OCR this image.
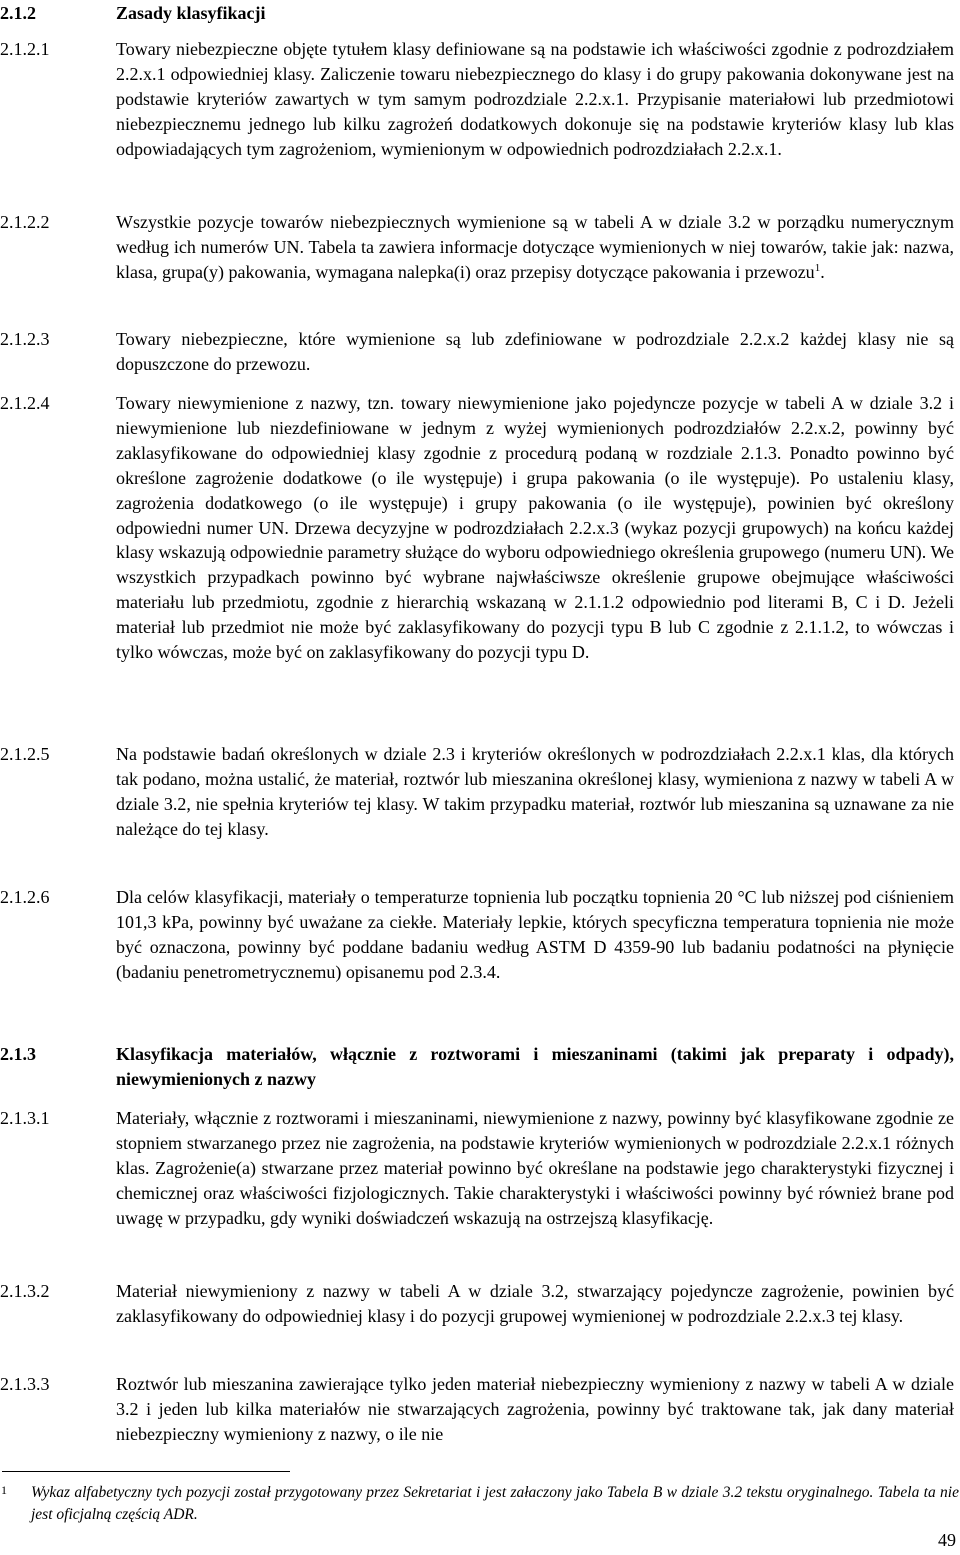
2.1.2	Zasady klasyfikacji
2.1.2.1	Towary niebezpieczne objęte tytułem klasy definiowane są na podstawie ich właściwości zgodnie z podrozdziałem 2.2.x.1 odpowiedniej klasy. Zaliczenie towaru niebezpiecznego do klasy i do grupy pakowania dokonywane jest na podstawie kryteriów zawartych w tym samym podrozdziale 2.2.x.1. Przypisanie materiałowi lub przedmiotowi niebezpiecznemu jednego lub kilku zagrożeń dodatkowych dokonuje się na podstawie kryteriów klasy lub klas odpowiadających tym zagrożeniom, wymienionym w odpowiednich podrozdziałach 2.2.x.1.
2.1.2.2	Wszystkie pozycje towarów niebezpiecznych wymienione są w tabeli A w dziale 3.2 w porządku numerycznym według ich numerów UN. Tabela ta zawiera informacje dotyczące wymienionych w niej towarów, takie jak: nazwa, klasa, grupa(y) pakowania, wymagana nalepka(i) oraz przepisy dotyczące pakowania i przewozu$^1$.
2.1.2.3	Towary niebezpieczne, które wymienione są lub zdefiniowane w podrozdziale 2.2.x.2 każdej klasy nie są dopuszczone do przewozu.
2.1.2.4	Towary niewymienione z nazwy, tzn. towary niewymienione jako pojedyncze pozycje w tabeli A w dziale 3.2 i niewymienione lub niezdefiniowane w jednym z wyżej wymienionych podrozdziałów 2.2.x.2, powinny być zaklasyfikowane do odpowiedniej klasy zgodnie z procedurą podaną w rozdziale 2.1.3. Ponadto powinno być określone zagrożenie dodatkowe (o ile występuje) i grupa pakowania (o ile występuje). Po ustaleniu klasy, zagrożenia dodatkowego (o ile występuje) i grupy pakowania (o ile występuje), powinien być określony odpowiedni numer UN. Drzewa decyzyjne w podrozdziałach 2.2.x.3 (wykaz pozycji grupowych) na końcu każdej klasy wskazują odpowiednie parametry służące do wyboru odpowiedniego określenia grupowego (numeru UN). We wszystkich przypadkach powinno być wybrane najwłaściwsze określenie grupowe obejmujące właściwości materiału lub przedmiotu, zgodnie z hierarchią wskazaną w 2.1.1.2 odpowiednio pod literami B, C i D. Jeżeli materiał lub przedmiot nie może być zaklasyfikowany do pozycji typu B lub C zgodnie z 2.1.1.2, to wówczas i tylko wówczas, może być on zaklasyfikowany do pozycji typu D.
2.1.2.5	Na podstawie badań określonych w dziale 2.3 i kryteriów określonych w podrozdziałach 2.2.x.1 klas, dla których tak podano, można ustalić, że materiał, roztwór lub mieszanina określonej klasy, wymieniona z nazwy w tabeli A w dziale 3.2, nie spełnia kryteriów tej klasy. W takim przypadku materiał, roztwór lub mieszanina są uznawane za nie należące do tej klasy.
2.1.2.6	Dla celów klasyfikacji, materiały o temperaturze topnienia lub początku topnienia 20 °C lub niższej pod ciśnieniem 101,3 kPa, powinny być uważane za ciekłe. Materiały lepkie, których specyficzna temperatura topnienia nie może być oznaczona, powinny być poddane badaniu według ASTM D 4359-90 lub badaniu podatności na płynięcie (badaniu penetrometrycznemu) opisanemu pod 2.3.4.
2.1.3	Klasyfikacja materiałów, włącznie z roztworami i mieszaninami (takimi jak preparaty i odpady), niewymienionych z nazwy
2.1.3.1	Materiały, włącznie z roztworami i mieszaninami, niewymienione z nazwy, powinny być klasyfikowane zgodnie ze stopniem stwarzanego przez nie zagrożenia, na podstawie kryteriów wymienionych w podrozdziale 2.2.x.1 różnych klas. Zagrożenie(a) stwarzane przez materiał powinno być określane na podstawie jego charakterystyki fizycznej i chemicznej oraz właściwości fizjologicznych. Takie charakterystyki i właściwości powinny być również brane pod uwagę w przypadku, gdy wyniki doświadczeń wskazują na ostrzejszą klasyfikację.
2.1.3.2	Materiał niewymieniony z nazwy w tabeli A w dziale 3.2, stwarzający pojedyncze zagrożenie, powinien być zaklasyfikowany do odpowiedniej klasy i do pozycji grupowej wymienionej w podrozdziale 2.2.x.3 tej klasy.
2.1.3.3	Roztwór lub mieszanina zawierające tylko jeden materiał niebezpieczny wymieniony z nazwy w tabeli A w dziale 3.2 i jeden lub kilka materiałów nie stwarzających zagrożenia, powinny być traktowane tak, jak dany materiał niebezpieczny wymieniony z nazwy, o ile nie
1	Wykaz alfabetyczny tych pozycji został przygotowany przez Sekretariat i jest załaczony jako Tabela B w dziale 3.2 tekstu oryginalnego. Tabela ta nie jest oficjalną częścią ADR.
49
